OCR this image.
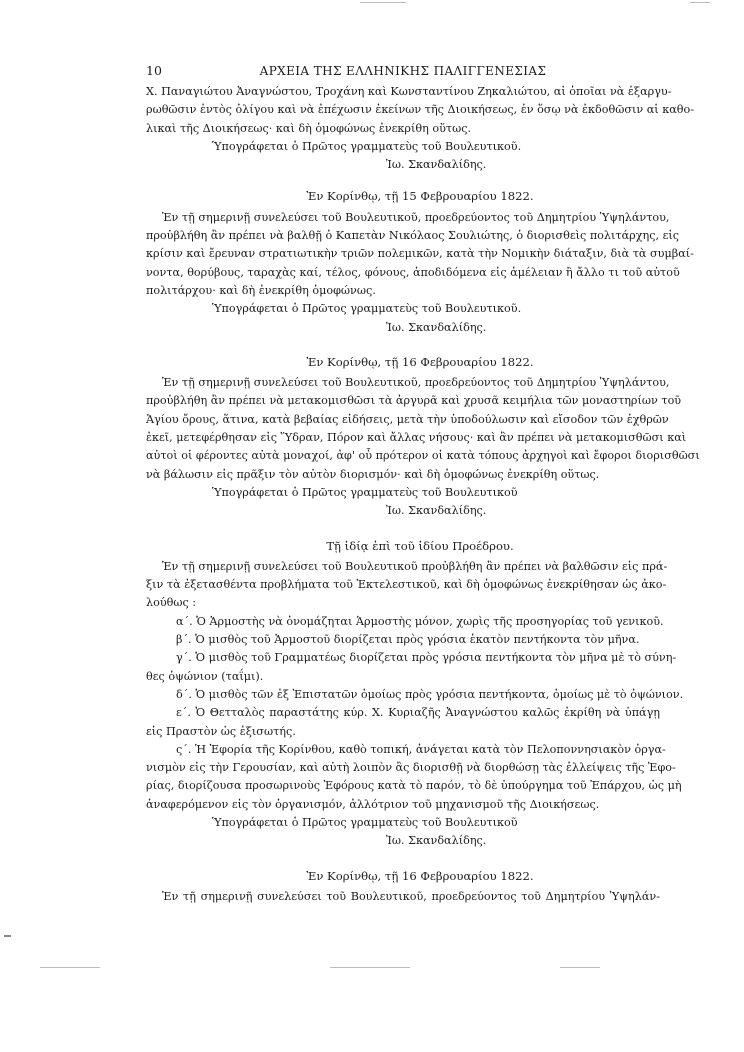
10	ΑΡΧΕΙΑ ΤΗΣ ΕΛΛΗΝΙΚΗΣ ΠΑΛΙΓΓΕΝΕΣΙΑΣ
Χ. Παναγιώτου Ἀναγνώστου, Τροχάνη καὶ Κωνσταντίνου Ζηκαλιώτου, αἱ ὁποῖαι νὰ ἐξαργυ-
ρωθῶσιν ἐντὸς ὀλίγου καὶ νὰ ἐπέχωσιν ἐκείνων τῆς Διοικήσεως, ἐν ὅσῳ νὰ ἐκδοθῶσιν αἱ καθο-
λικαὶ τῆς Διοικήσεως· καὶ δὴ ὁμοφώνως ἐνεκρίθη οὕτως.
Ὑπογράφεται ὁ Πρῶτος γραμματεὺς τοῦ Βουλευτικοῦ.
Ἰω. Σκανδαλίδης.
Ἐν Κορίνθῳ, τῇ 15 Φεβρουαρίου 1822.
Ἐν τῇ σημερινῇ συνελεύσει τοῦ Βουλευτικοῦ, προεδρεύοντος τοῦ Δημητρίου Ὑψηλάντου,
προὐβλήθη ἂν πρέπει νὰ βαλθῇ ὁ Καπετὰν Νικόλαος Σουλιώτης, ὁ διορισθεὶς πολιτάρχης, εἰς
κρίσιν καὶ ἔρευναν στρατιωτικὴν τριῶν πολεμικῶν, κατὰ τὴν Νομικὴν διάταξιν, διὰ τὰ συμβαί-
νοντα, θορύβους, ταραχὰς καί, τέλος, φόνους, ἀποδιδόμενα εἰς ἀμέλειαν ἢ ἄλλο τι τοῦ αὐτοῦ
πολιτάρχου· καὶ δὴ ἐνεκρίθη ὁμοφώνως.
Ὑπογράφεται ὁ Πρῶτος γραμματεὺς τοῦ Βουλευτικοῦ.
Ἰω. Σκανδαλίδης.
Ἐν Κορίνθῳ, τῇ 16 Φεβρουαρίου 1822.
Ἐν τῇ σημερινῇ συνελεύσει τοῦ Βουλευτικοῦ, προεδρεύοντος τοῦ Δημητρίου Ὑψηλάντου,
προὐβλήθη ἂν πρέπει νὰ μετακομισθῶσι τὰ ἀργυρᾶ καὶ χρυσᾶ κειμήλια τῶν μοναστηρίων τοῦ
Ἁγίου ὄρους, ἅτινα, κατὰ βεβαίας εἰδήσεις, μετὰ τὴν ὑποδούλωσιν καὶ εἴσοδον τῶν ἐχθρῶν
ἐκεῖ, μετεφέρθησαν εἰς Ὕδραν, Πόρον καὶ ἄλλας νήσους· καὶ ἂν πρέπει νὰ μετακομισθῶσι καὶ
αὐτοὶ οἱ φέροντες αὐτὰ μοναχοί, ἀφ' οὗ πρότερον οἱ κατὰ τόπους ἀρχηγοὶ καὶ ἔφοροι διορισθῶσι
νὰ βάλωσιν εἰς πρᾶξιν τὸν αὐτὸν διορισμόν· καὶ δὴ ὁμοφώνως ἐνεκρίθη οὕτως.
Ὑπογράφεται ὁ Πρῶτος γραμματεὺς τοῦ Βουλευτικοῦ
Ἰω. Σκανδαλίδης.
Τῇ ἰδίᾳ ἐπὶ τοῦ ἰδίου Προέδρου.
Ἐν τῇ σημερινῇ συνελεύσει τοῦ Βουλευτικοῦ προὐβλήθη ἂν πρέπει νὰ βαλθῶσιν εἰς πρά-
ξιν τὰ ἐξετασθέντα προβλήματα τοῦ Ἐκτελεστικοῦ, καὶ δὴ ὁμοφώνως ἐνεκρίθησαν ὡς ἀκο-
λούθως :
α΄. Ὁ Ἁρμοστὴς νὰ ὀνομάζηται Ἁρμοστὴς μόνον, χωρὶς τῆς προσηγορίας τοῦ γενικοῦ.
β΄. Ὁ μισθὸς τοῦ Ἁρμοστοῦ διορίζεται πρὸς γρόσια ἑκατὸν πεντήκοντα τὸν μῆνα.
γ΄. Ὁ μισθὸς τοῦ Γραμματέως διορίζεται πρὸς γρόσια πεντήκοντα τὸν μῆνα μὲ τὸ σύνη-
θες ὀψώνιον (ταΐμι).
δ΄. Ὁ μισθὸς τῶν ἐξ Ἐπιστατῶν ὁμοίως πρὸς γρόσια πεντήκοντα, ὁμοίως μὲ τὸ ὀψώνιον.
ε΄. Ὁ Θετταλὸς παραστάτης κύρ. Χ. Κυριαζῆς Ἀναγνώστου καλῶς ἐκρίθη νὰ ὑπάγῃ
εἰς Πραστὸν ὡς ἐξισωτής.
ς΄. Ἡ Ἐφορία τῆς Κορίνθου, καθὸ τοπική, ἀνάγεται κατὰ τὸν Πελοποννησιακὸν ὀργα-
νισμὸν εἰς τὴν Γερουσίαν, καὶ αὐτὴ λοιπὸν ἂς διορισθῇ νὰ διορθώσῃ τὰς ἐλλείψεις τῆς Ἐφο-
ρίας, διορίζουσα προσωρινοὺς Ἐφόρους κατὰ τὸ παρόν, τὸ δὲ ὑπούργημα τοῦ Ἐπάρχου, ὡς μὴ
ἀναφερόμενον εἰς τὸν ὀργανισμόν, ἀλλότριον τοῦ μηχανισμοῦ τῆς Διοικήσεως.
Ὑπογράφεται ὁ Πρῶτος γραμματεὺς τοῦ Βουλευτικοῦ
Ἰω. Σκανδαλίδης.
Ἐν Κορίνθῳ, τῇ 16 Φεβρουαρίου 1822.
Ἐν τῇ σημερινῇ συνελεύσει τοῦ Βουλευτικοῦ, προεδρεύοντος τοῦ Δημητρίου Ὑψηλάν-
